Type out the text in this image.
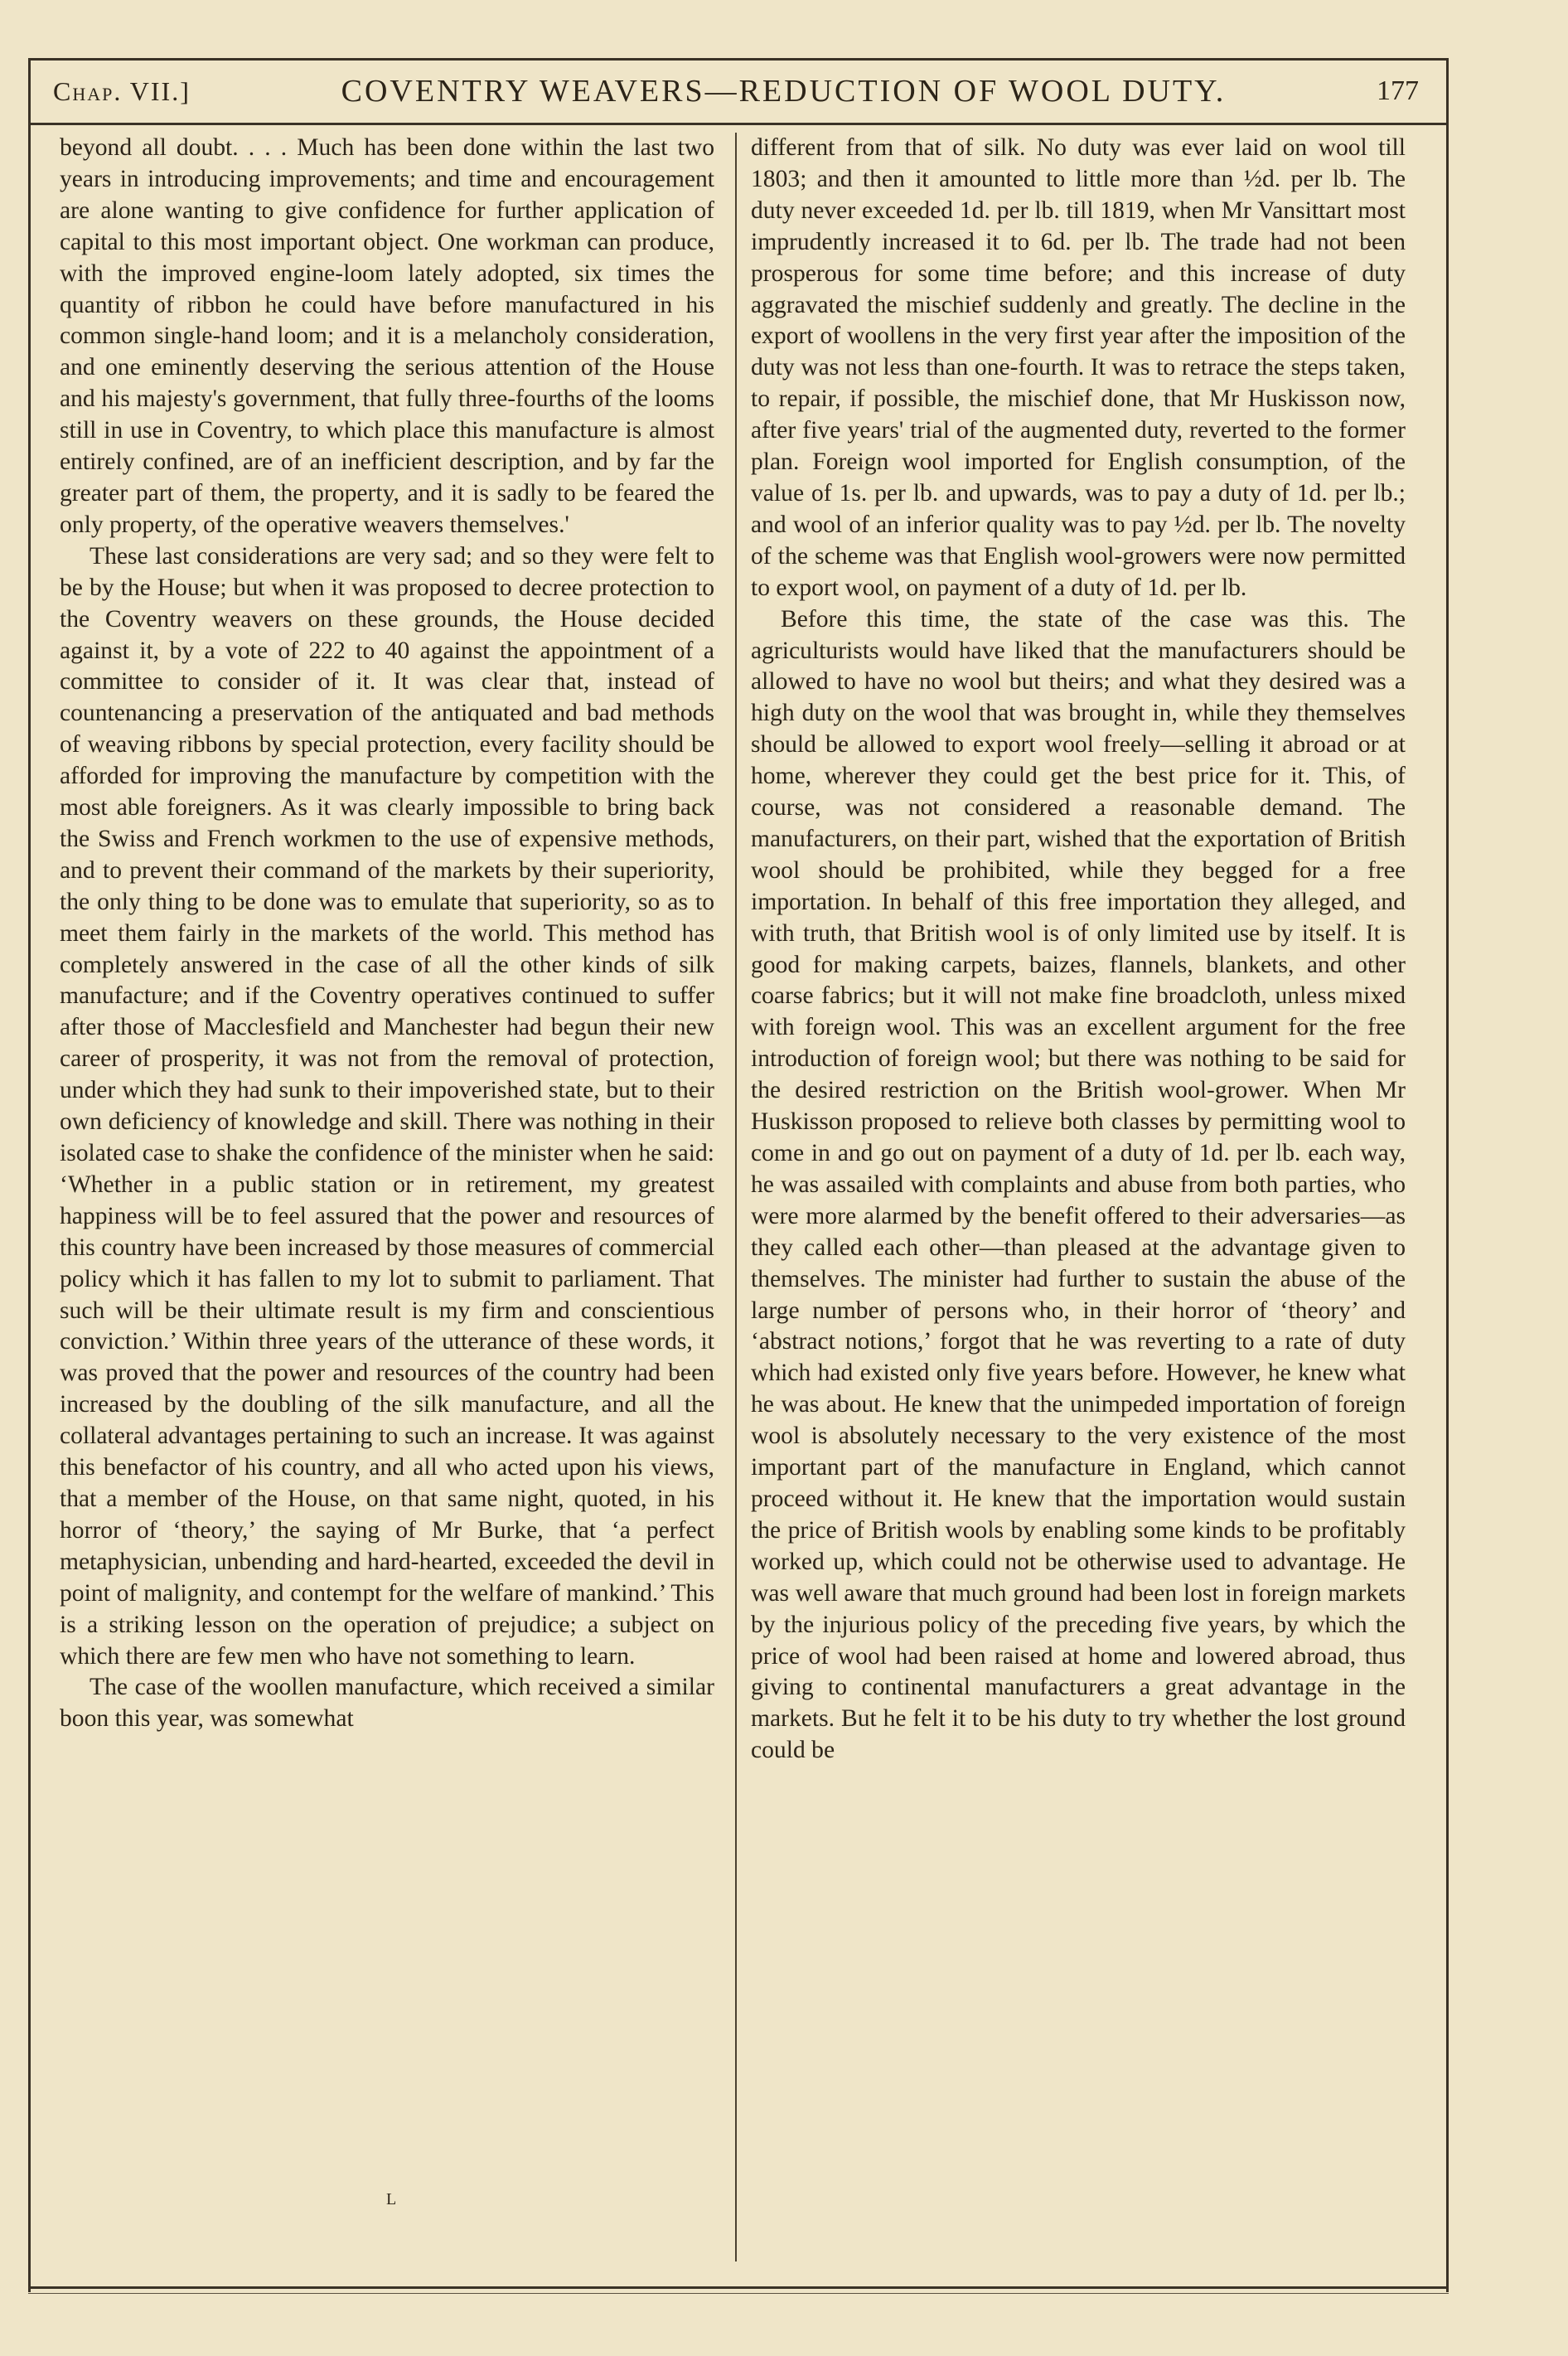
Chap. VII.]	COVENTRY WEAVERS—REDUCTION OF WOOL DUTY.	177

beyond all doubt. . . . Much has been done within the last two years in introducing improvements; and time and encouragement are alone wanting to give confidence for further application of capital to this most important object. One workman can produce, with the improved engine-loom lately adopted, six times the quantity of ribbon he could have before manufactured in his common single-hand loom; and it is a melancholy consideration, and one eminently deserving the serious attention of the House and his majesty's government, that fully three-fourths of the looms still in use in Coventry, to which place this manufacture is almost entirely confined, are of an inefficient description, and by far the greater part of them, the property, and it is sadly to be feared the only property, of the operative weavers themselves.'

These last considerations are very sad; and so they were felt to be by the House; but when it was proposed to decree protection to the Coventry weavers on these grounds, the House decided against it, by a vote of 222 to 40 against the appointment of a committee to consider of it. It was clear that, instead of countenancing a preservation of the antiquated and bad methods of weaving ribbons by special protection, every facility should be afforded for improving the manufacture by competition with the most able foreigners. As it was clearly impossible to bring back the Swiss and French workmen to the use of expensive methods, and to prevent their command of the markets by their superiority, the only thing to be done was to emulate that superiority, so as to meet them fairly in the markets of the world. This method has completely answered in the case of all the other kinds of silk manufacture; and if the Coventry operatives continued to suffer after those of Macclesfield and Manchester had begun their new career of prosperity, it was not from the removal of protection, under which they had sunk to their impoverished state, but to their own deficiency of knowledge and skill. There was nothing in their isolated case to shake the confidence of the minister when he said: ‘Whether in a public station or in retirement, my greatest happiness will be to feel assured that the power and resources of this country have been increased by those measures of commercial policy which it has fallen to my lot to submit to parliament. That such will be their ultimate result is my firm and conscientious conviction.’ Within three years of the utterance of these words, it was proved that the power and resources of the country had been increased by the doubling of the silk manufacture, and all the collateral advantages pertaining to such an increase. It was against this benefactor of his country, and all who acted upon his views, that a member of the House, on that same night, quoted, in his horror of ‘theory,’ the saying of Mr Burke, that ‘a perfect metaphysician, unbending and hard-hearted, exceeded the devil in point of malignity, and contempt for the welfare of mankind.’ This is a striking lesson on the operation of prejudice; a subject on which there are few men who have not something to learn.

The case of the woollen manufacture, which received a similar boon this year, was somewhat

different from that of silk. No duty was ever laid on wool till 1803; and then it amounted to little more than ½d. per lb. The duty never exceeded 1d. per lb. till 1819, when Mr Vansittart most imprudently increased it to 6d. per lb. The trade had not been prosperous for some time before; and this increase of duty aggravated the mischief suddenly and greatly. The decline in the export of woollens in the very first year after the imposition of the duty was not less than one-fourth. It was to retrace the steps taken, to repair, if possible, the mischief done, that Mr Huskisson now, after five years' trial of the augmented duty, reverted to the former plan. Foreign wool imported for English consumption, of the value of 1s. per lb. and upwards, was to pay a duty of 1d. per lb.; and wool of an inferior quality was to pay ½d. per lb. The novelty of the scheme was that English wool-growers were now permitted to export wool, on payment of a duty of 1d. per lb.

Before this time, the state of the case was this. The agriculturists would have liked that the manufacturers should be allowed to have no wool but theirs; and what they desired was a high duty on the wool that was brought in, while they themselves should be allowed to export wool freely—selling it abroad or at home, wherever they could get the best price for it. This, of course, was not considered a reasonable demand. The manufacturers, on their part, wished that the exportation of British wool should be prohibited, while they begged for a free importation. In behalf of this free importation they alleged, and with truth, that British wool is of only limited use by itself. It is good for making carpets, baizes, flannels, blankets, and other coarse fabrics; but it will not make fine broadcloth, unless mixed with foreign wool. This was an excellent argument for the free introduction of foreign wool; but there was nothing to be said for the desired restriction on the British wool-grower. When Mr Huskisson proposed to relieve both classes by permitting wool to come in and go out on payment of a duty of 1d. per lb. each way, he was assailed with complaints and abuse from both parties, who were more alarmed by the benefit offered to their adversaries—as they called each other—than pleased at the advantage given to themselves. The minister had further to sustain the abuse of the large number of persons who, in their horror of ‘theory’ and ‘abstract notions,’ forgot that he was reverting to a rate of duty which had existed only five years before. However, he knew what he was about. He knew that the unimpeded importation of foreign wool is absolutely necessary to the very existence of the most important part of the manufacture in England, which cannot proceed without it. He knew that the importation would sustain the price of British wools by enabling some kinds to be profitably worked up, which could not be otherwise used to advantage. He was well aware that much ground had been lost in foreign markets by the injurious policy of the preceding five years, by which the price of wool had been raised at home and lowered abroad, thus giving to continental manufacturers a great advantage in the markets. But he felt it to be his duty to try whether the lost ground could be

L
